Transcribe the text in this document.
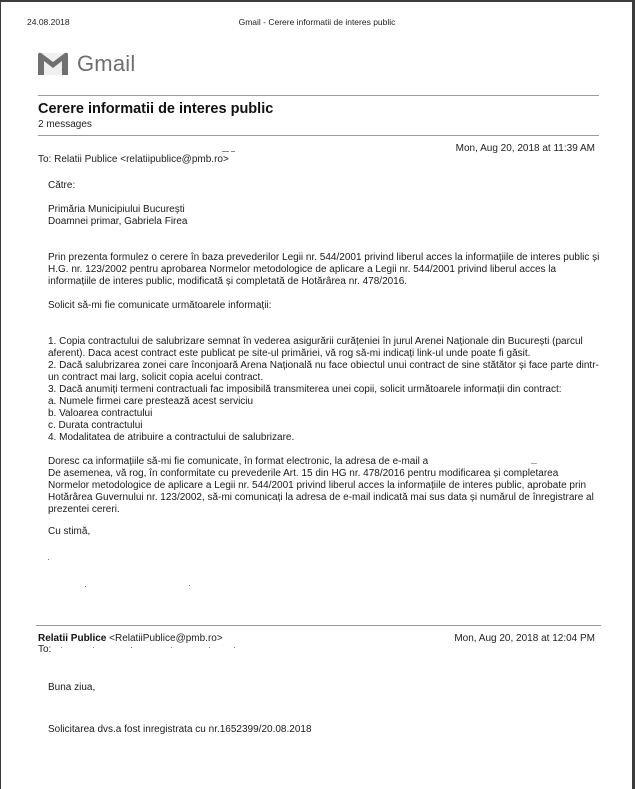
24.08.2018	Gmail - Cerere informatii de interes public
Gmail
Cerere informatii de interes public
2 messages
Mon, Aug 20, 2018 at 11:39 AM
To: Relatii Publice <relatiipublice@pmb.ro>

Către:

Primăria Municipiului București

Doamnei primar, Gabriela Firea

Prin prezenta formulez o cerere în baza prevederilor Legii nr. 544/2001 privind liberul acces la informațiile de interes public și H.G. nr. 123/2002 pentru aprobarea Normelor metodologice de aplicare a Legii nr. 544/2001 privind liberul acces la informațiile de interes public, modificată și completată de Hotărârea nr. 478/2016.

Solicit să-mi fie comunicate următoarele informații:

1. Copia contractului de salubrizare semnat în vederea asigurării curățeniei în jurul Arenei Naționale din București (parcul aferent). Daca acest contract este publicat pe site-ul primăriei, vă rog să-mi indicați link-ul unde poate fi găsit.

2. Dacă salubrizarea zonei care înconjoară Arena Națională nu face obiectul unui contract de sine stătător și face parte dintr-un contract mai larg, solicit copia acelui contract.

3. Dacă anumiți termeni contractuali fac imposibilă transmiterea unei copii, solicit următoarele informații din contract:

a. Numele firmei care prestează acest serviciu

b. Valoarea contractului

c. Durata contractului

4. Modalitatea de atribuire a contractului de salubrizare.

Doresc ca informațiile să-mi fie comunicate, în format electronic, la adresa de e-mail a

De asemenea, vă rog, în conformitate cu prevederile Art. 15 din HG nr. 478/2016 pentru modificarea și completarea Normelor metodologice de aplicare a Legii nr. 544/2001 privind liberul acces la informațiile de interes public, aprobate prin Hotărârea Guvernului nr. 123/2002, să-mi comunicați la adresa de e-mail indicată mai sus data și numărul de înregistrare al prezentei cereri.

Cu stimă,

Relatii Publice <RelatiiPublice@pmb.ro>	Mon, Aug 20, 2018 at 12:04 PM
To:

Buna ziua,

Solicitarea dvs.a fost inregistrata cu nr.1652399/20.08.2018
